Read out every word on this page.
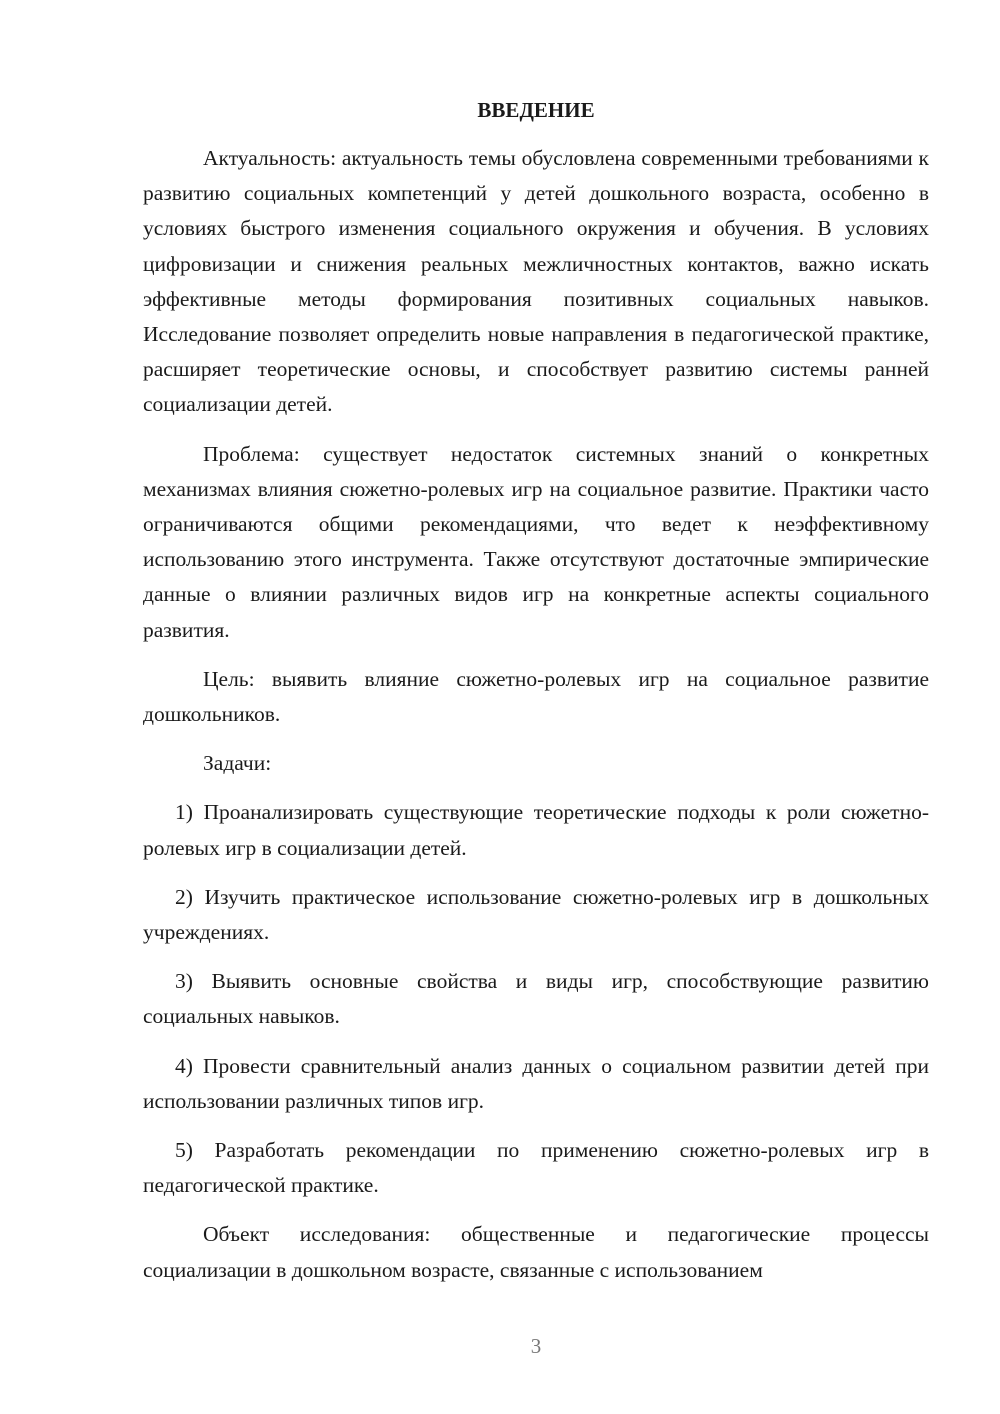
ВВЕДЕНИЕ

Актуальность: актуальность темы обусловлена современными требованиями к развитию социальных компетенций у детей дошкольного возраста, особенно в условиях быстрого изменения социального окружения и обучения. В условиях цифровизации и снижения реальных межличностных контактов, важно искать эффективные методы формирования позитивных социальных навыков. Исследование позволяет определить новые направления в педагогической практике, расширяет теоретические основы, и способствует развитию системы ранней социализации детей.

Проблема: существует недостаток системных знаний о конкретных механизмах влияния сюжетно-ролевых игр на социальное развитие. Практики часто ограничиваются общими рекомендациями, что ведет к неэффективному использованию этого инструмента. Также отсутствуют достаточные эмпирические данные о влиянии различных видов игр на конкретные аспекты социального развития.

Цель: выявить влияние сюжетно-ролевых игр на социальное развитие дошкольников.

Задачи:

1) Проанализировать существующие теоретические подходы к роли сюжетно-ролевых игр в социализации детей.

2) Изучить практическое использование сюжетно-ролевых игр в дошкольных учреждениях.

3) Выявить основные свойства и виды игр, способствующие развитию социальных навыков.

4) Провести сравнительный анализ данных о социальном развитии детей при использовании различных типов игр.

5) Разработать рекомендации по применению сюжетно-ролевых игр в педагогической практике.

Объект исследования: общественные и педагогические процессы социализации в дошкольном возрасте, связанные с использованием

3
